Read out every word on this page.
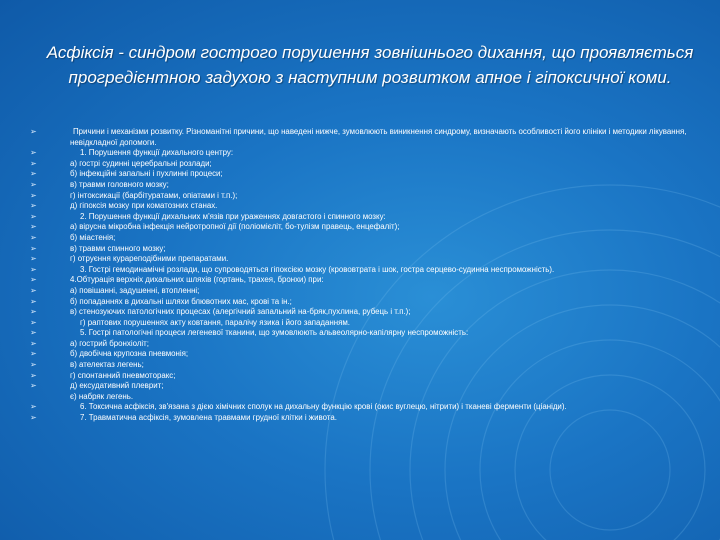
Асфіксія - синдром гострого порушення зовнішнього дихання, що проявляється прогредієнтною задухою з наступним розвитком апное і гіпоксичної коми.
➢	Причини і механізми розвитку. Різноманітні причини, що наведені нижче, зумовлюють виникнення синдрому, визначають особливості його клініки і методики лікування, невідкладної допомоги.
➢	1. Порушення функції дихального центру:
➢	а) гострі судинні церебральні розлади;
➢	б) інфекційні запальні і пухлинні процеси;
➢	в) травми головного мозку;
➢	г) інтоксикації (барбітуратами, опіатами і т.п.);
➢	д) гіпоксія мозку при коматозних станах.
➢	2. Порушення функції дихальних м'язів при ураженнях довгастого і спинного мозку:
➢	а) вірусна мікробна інфекція нейротропної дії (поліомієліт, бо-тулізм правець, енцефаліт);
➢	б) міастенія;
➢	в) травми спинного мозку;
➢	г) отруєння курареподібними препаратами.
➢	3. Гострі гемодинамічні розлади, що супроводяться гіпоксією мозку (крововтрата і шок, гостра серцево-судинна неспроможність).
➢	4.Обтурація верхніх дихальних шляхів (гортань, трахея, бронхи) при:
➢	а) повішанні, задушенні, втопленні;
➢	б) попаданнях в дихальні шляхи блювотних мас, крові та ін.;
➢	в) стенозуючих патологічних процесах (алергічний запальний на-бряк,пухлина, рубець і т.п.);
➢	г) раптових порушеннях акту ковтання, паралічу язика і його западанням.
➢	5. Гострі патологічні процеси легеневої тканини, що зумовлюють альвеолярно-капілярну неспроможність:
➢	а) гострий бронхіоліт;
➢	б) двобічна крупозна пневмонія;
➢	в) ателектаз легень;
➢	г) спонтанний пневмоторакс;
➢	д) ексудативний плеврит;
є) набряк легень.
➢	6. Токсична асфіксія, зв'язана з дією хімічних сполук на дихальну функцію крові (окис вуглецю, нітрити) і тканеві ферменти (ціаніди).
➢	7. Травматична асфіксія, зумовлена травмами грудної клітки і живота.
